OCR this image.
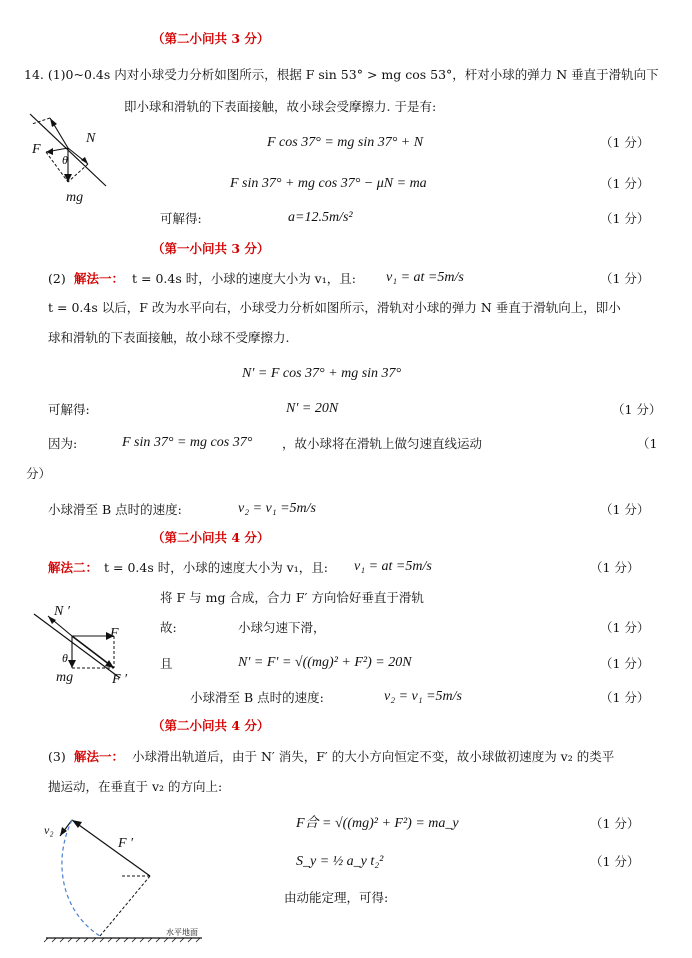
（第二小问共 3 分）
14. (1)0~0.4s 内对小球受力分析如图所示，根据 F sin 53° > mg cos 53°，杆对小球的弹力 N 垂直于滑轨向下
即小球和滑轨的下表面接触，故小球会受摩擦力. 于是有:
F
N
θ
mg
F cos 37° = mg sin 37° + N	（1 分）
F sin 37° + mg cos 37° − μN = ma	（1 分）
可解得:	a=12.5m/s²	（1 分）
（第一小问共 3 分）
(2) 解法一： t = 0.4s 时，小球的速度大小为 v₁，且: v₁ = at =5m/s	（1 分）
t = 0.4s 以后，F 改为水平向右，小球受力分析如图所示，滑轨对小球的弹力 N 垂直于滑轨向上，即小
球和滑轨的下表面接触，故小球不受摩擦力.
N′ = F cos 37° + mg sin 37°
可解得:	N′ = 20N	（1 分）
因为:	F sin 37° = mg cos 37° ，故小球将在滑轨上做匀速直线运动	（1
分）
小球滑至 B 点时的速度:	v₂ = v₁ =5m/s	（1 分）
（第二小问共 4 分）
解法二： t = 0.4s 时，小球的速度大小为 v₁，且: v₁ = at =5m/s	（1 分）
N ′
F
θ
mg	F ′
将 F 与 mg 合成，合力 F′ 方向恰好垂直于滑轨
故:	小球匀速下滑，	（1 分）
且	N′ = F′ = √((mg)² + F²) = 20N	（1 分）
小球滑至 B 点时的速度:	v₂ = v₁ =5m/s	（1 分）
（第二小问共 4 分）
(3) 解法一： 小球滑出轨道后，由于 N′ 消失，F′ 的大小方向恒定不变，故小球做初速度为 v₂ 的类平
抛运动，在垂直于 v₂ 的方向上:
v₂
F ′
水平地面
F合 = √((mg)² + F²) = ma_y	（1 分）
S_y = ½ a_y t₂²	（1 分）
由动能定理，可得:
